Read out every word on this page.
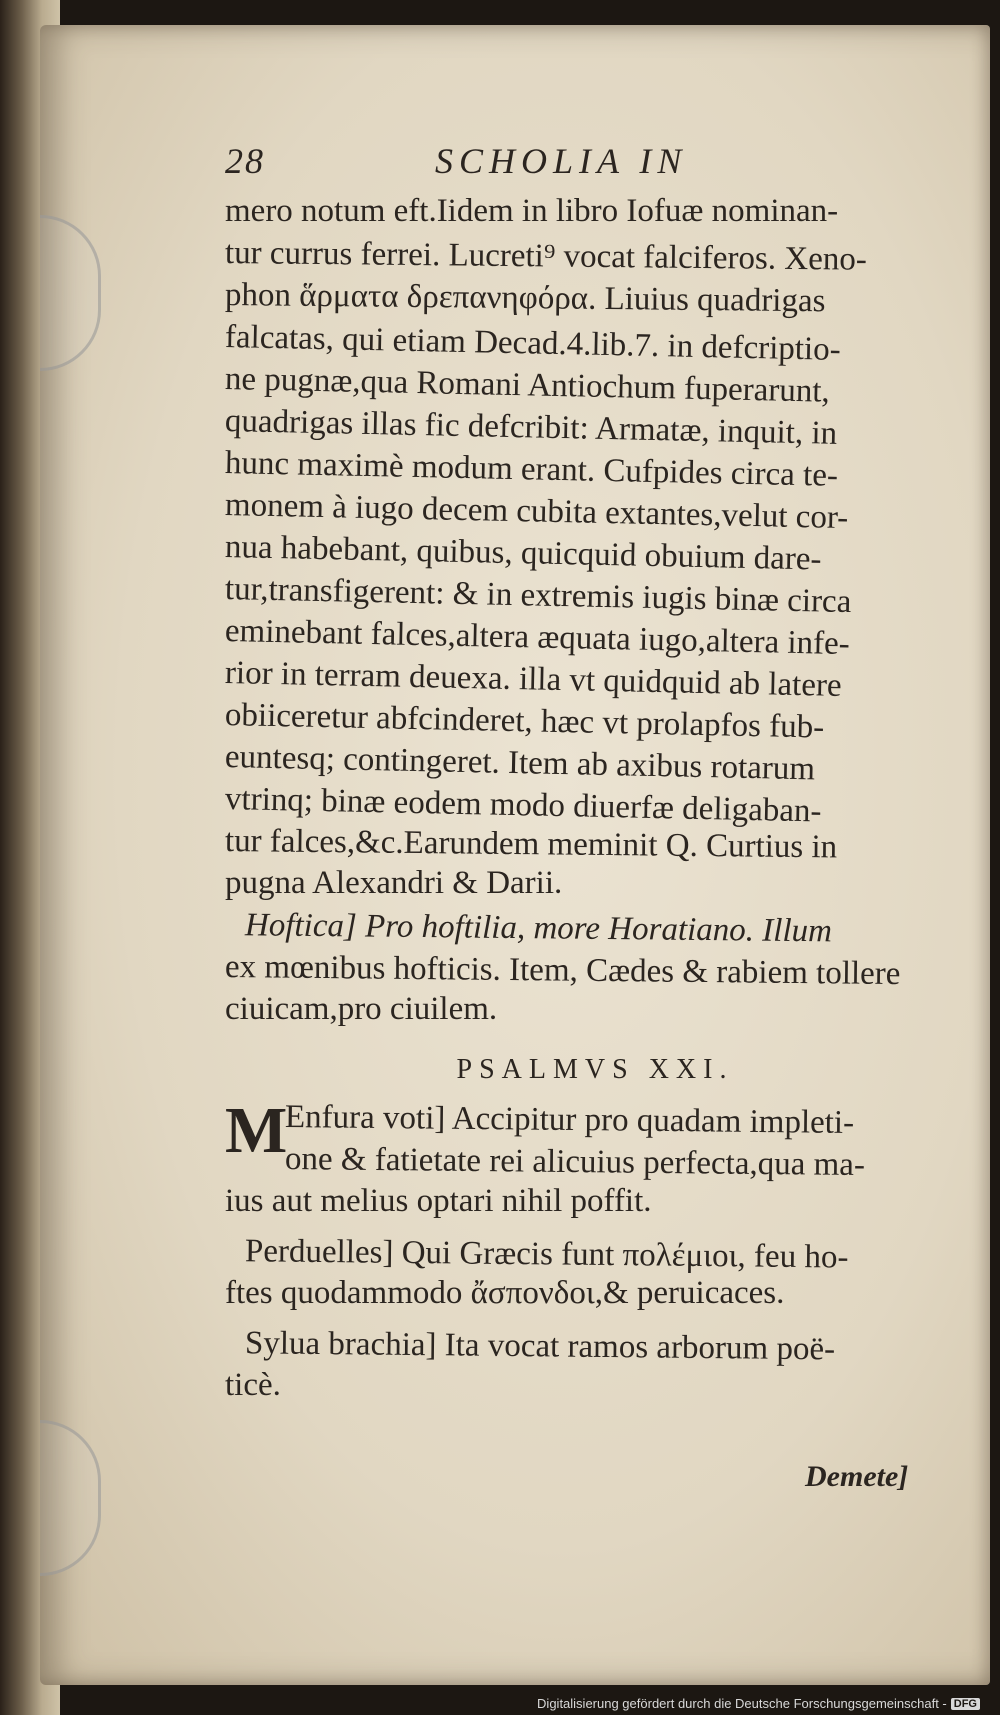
28	SCHOLIA IN
mero notum eft.Iidem in libro Iofuæ nominan-
tur currus ferrei. Lucreti⁹ vocat falciferos. Xeno-
phon ἅρματα δρεπανηφόρα. Liuius quadrigas
falcatas, qui etiam Decad.4.lib.7. in defcriptio-
ne pugnæ,qua Romani Antiochum fuperarunt,
quadrigas illas fic defcribit: Armatæ, inquit, in
hunc maximè modum erant. Cufpides circa te-
monem à iugo decem cubita extantes,velut cor-
nua habebant, quibus, quicquid obuium dare-
tur,transfigerent: & in extremis iugis binæ circa
eminebant falces,altera æquata iugo,altera infe-
rior in terram deuexa. illa vt quidquid ab latere
obiiceretur abfcinderet, hæc vt prolapfos fub-
euntesq; contingeret. Item ab axibus rotarum
vtrinq; binæ eodem modo diuerfæ deligaban-
tur falces,&c.Earundem meminit Q. Curtius in
pugna Alexandri & Darii.
Hoftica] Pro hoftilia, more Horatiano. Illum
ex mœnibus hofticis. Item, Cædes & rabiem tollere
ciuicam,pro ciuilem.
PSALMVS XXI.
M
Enfura voti] Accipitur pro quadam impleti-
one & fatietate rei alicuius perfecta,qua ma-
ius aut melius optari nihil poffit.
Perduelles] Qui Græcis funt πολέμιοι, feu ho-
ftes quodammodo ἄσπονδοι,& peruicaces.
Sylua brachia] Ita vocat ramos arborum poë-
ticè.
Demete]
Digitalisierung gefördert durch die Deutsche Forschungsgemeinschaft - DFG
